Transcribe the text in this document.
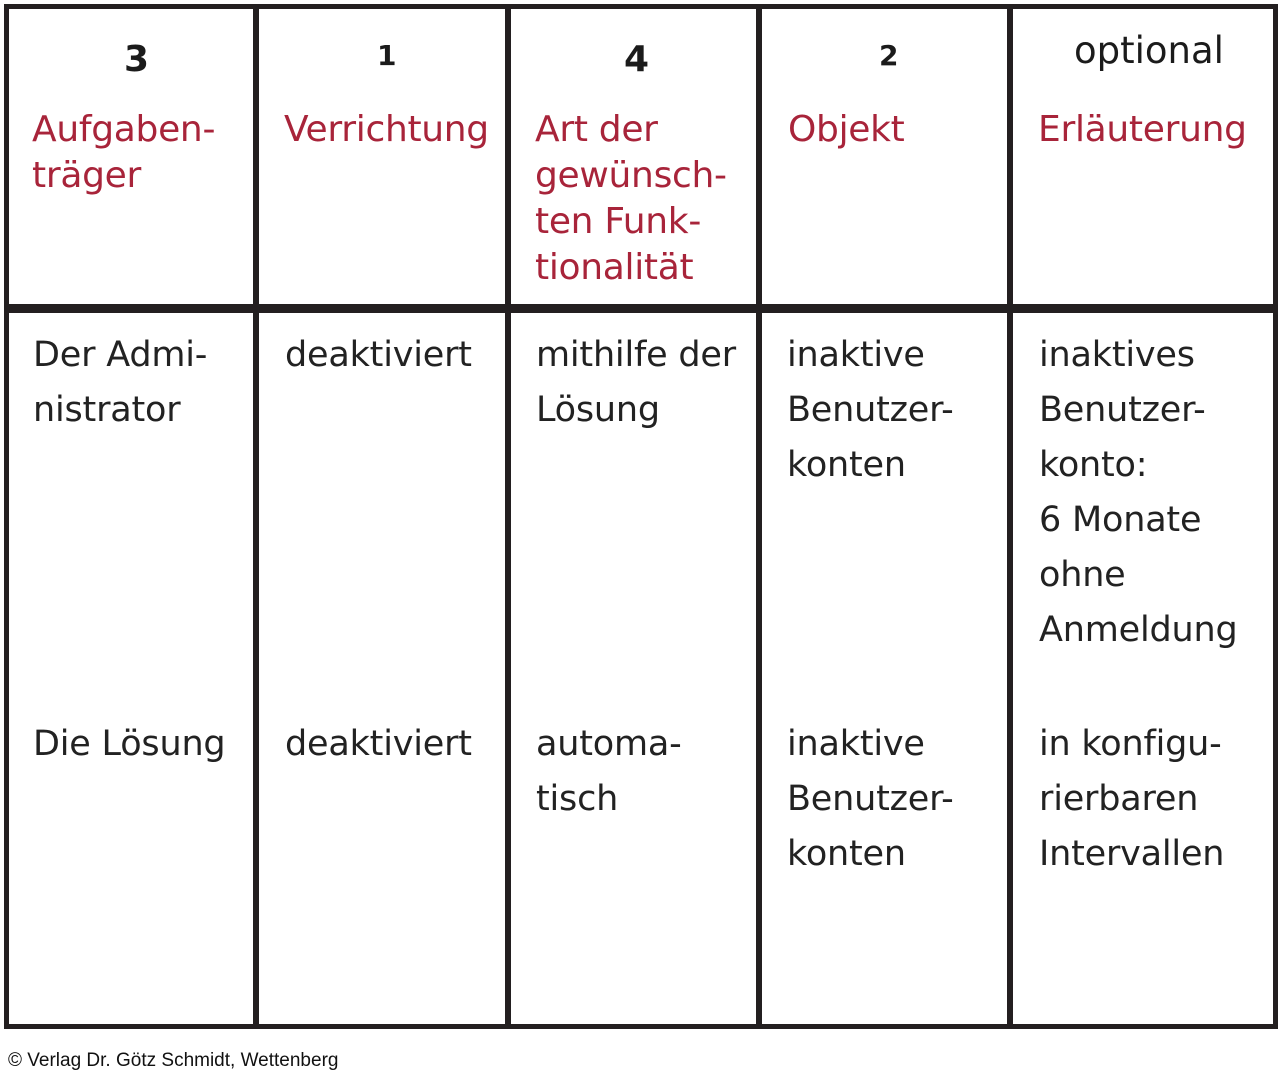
3
Aufgaben-
träger
1
Verrichtung
4
Art der
gewünsch-
ten Funk-
tionalität
2
Objekt
optional
Erläuterung
Der Admi-
nistrator
deaktiviert mithilfe der
Lösung
inaktive
Benutzer-
konten
inaktives
Benutzer-
konto:
6 Monate
ohne
Anmeldung
Die Lösung deaktiviert automa-
tisch
inaktive
Benutzer-
konten
in konfigu-
rierbaren
Intervallen
© Verlag Dr. Götz Schmidt, Wettenberg
